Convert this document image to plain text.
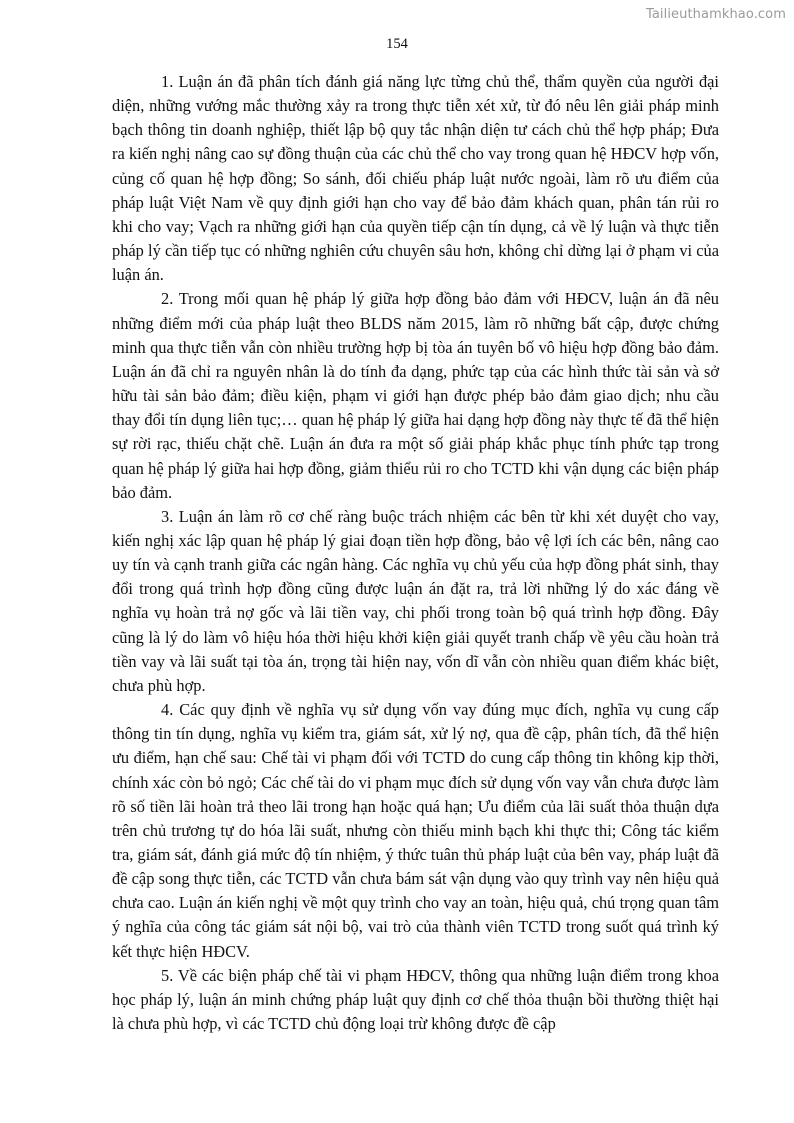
Tailieuthamkhao.com
154

1. Luận án đã phân tích đánh giá năng lực từng chủ thể, thẩm quyền của người đại diện, những vướng mắc thường xảy ra trong thực tiễn xét xử, từ đó nêu lên giải pháp minh bạch thông tin doanh nghiệp, thiết lập bộ quy tắc nhận diện tư cách chủ thể hợp pháp; Đưa ra kiến nghị nâng cao sự đồng thuận của các chủ thể cho vay trong quan hệ HĐCV hợp vốn, củng cố quan hệ hợp đồng; So sánh, đối chiếu pháp luật nước ngoài, làm rõ ưu điểm của pháp luật Việt Nam về quy định giới hạn cho vay để bảo đảm khách quan, phân tán rủi ro khi cho vay; Vạch ra những giới hạn của quyền tiếp cận tín dụng, cả về lý luận và thực tiễn pháp lý cần tiếp tục có những nghiên cứu chuyên sâu hơn, không chỉ dừng lại ở phạm vi của luận án.

2. Trong mối quan hệ pháp lý giữa hợp đồng bảo đảm với HĐCV, luận án đã nêu những điểm mới của pháp luật theo BLDS năm 2015, làm rõ những bất cập, được chứng minh qua thực tiễn vẫn còn nhiều trường hợp bị tòa án tuyên bố vô hiệu hợp đồng bảo đảm. Luận án đã chỉ ra nguyên nhân là do tính đa dạng, phức tạp của các hình thức tài sản và sở hữu tài sản bảo đảm; điều kiện, phạm vi giới hạn được phép bảo đảm giao dịch; nhu cầu thay đổi tín dụng liên tục;… quan hệ pháp lý giữa hai dạng hợp đồng này thực tế đã thể hiện sự rời rạc, thiếu chặt chẽ. Luận án đưa ra một số giải pháp khắc phục tính phức tạp trong quan hệ pháp lý giữa hai hợp đồng, giảm thiểu rủi ro cho TCTD khi vận dụng các biện pháp bảo đảm.

3. Luận án làm rõ cơ chế ràng buộc trách nhiệm các bên từ khi xét duyệt cho vay, kiến nghị xác lập quan hệ pháp lý giai đoạn tiền hợp đồng, bảo vệ lợi ích các bên, nâng cao uy tín và cạnh tranh giữa các ngân hàng. Các nghĩa vụ chủ yếu của hợp đồng phát sinh, thay đổi trong quá trình hợp đồng cũng được luận án đặt ra, trả lời những lý do xác đáng về nghĩa vụ hoàn trả nợ gốc và lãi tiền vay, chi phối trong toàn bộ quá trình hợp đồng. Đây cũng là lý do làm vô hiệu hóa thời hiệu khởi kiện giải quyết tranh chấp về yêu cầu hoàn trả tiền vay và lãi suất tại tòa án, trọng tài hiện nay, vốn dĩ vẫn còn nhiều quan điểm khác biệt, chưa phù hợp.

4. Các quy định về nghĩa vụ sử dụng vốn vay đúng mục đích, nghĩa vụ cung cấp thông tin tín dụng, nghĩa vụ kiểm tra, giám sát, xử lý nợ, qua đề cập, phân tích, đã thể hiện ưu điểm, hạn chế sau: Chế tài vi phạm đối với TCTD do cung cấp thông tin không kịp thời, chính xác còn bỏ ngỏ; Các chế tài do vi phạm mục đích sử dụng vốn vay vẫn chưa được làm rõ số tiền lãi hoàn trả theo lãi trong hạn hoặc quá hạn; Ưu điểm của lãi suất thỏa thuận dựa trên chủ trương tự do hóa lãi suất, nhưng còn thiếu minh bạch khi thực thi; Công tác kiểm tra, giám sát, đánh giá mức độ tín nhiệm, ý thức tuân thủ pháp luật của bên vay, pháp luật đã đề cập song thực tiễn, các TCTD vẫn chưa bám sát vận dụng vào quy trình vay nên hiệu quả chưa cao. Luận án kiến nghị về một quy trình cho vay an toàn, hiệu quả, chú trọng quan tâm ý nghĩa của công tác giám sát nội bộ, vai trò của thành viên TCTD trong suốt quá trình ký kết thực hiện HĐCV.

5. Về các biện pháp chế tài vi phạm HĐCV, thông qua những luận điểm trong khoa học pháp lý, luận án minh chứng pháp luật quy định cơ chế thỏa thuận bồi thường thiệt hại là chưa phù hợp, vì các TCTD chủ động loại trừ không được đề cập
